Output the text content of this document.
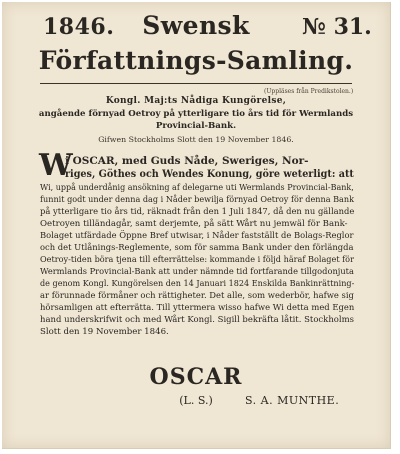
1846.	Swensk	№ 31.
Författnings-Samling.
(Uppläses från Predikstolen.)
Kongl. Maj:ts Nådiga Kungörelse,
angående förnyad Oetroy på ytterligare tio års tid för Wermlands
Provincial-Bank.
Gifwen Stockholms Slott den 19 November 1846.
W
i OSCAR, med Guds Nåde, Sweriges, Nor-
riges, Göthes och Wendes Konung, göre weterligt: att
Wi, uppå underdånig ansökning af delegarne uti Wermlands Provincial-Bank,
funnit godt under denna dag i Nåder bewilja förnyad Oetroy för denna Bank
på ytterligare tio års tid, räknadt från den 1 Juli 1847, då den nu gällande
Oetroyen tilländagår, samt derjemte, på sätt Wårt nu jemwäl för Bank-
Bolaget utfärdade Öppne Bref utwisar, i Nåder fastställt de Bolags-Reglor
och det Utlånings-Reglemente, som för samma Bank under den förlängda
Oetroy-tiden böra tjena till efterrättelse: kommande i följd häraf Bolaget för
Wermlands Provincial-Bank att under nämnde tid fortfarande tillgodonjuta
de genom Kongl. Kungörelsen den 14 Januari 1824 Enskilda Bankinrättning-
ar förunnade förmåner och rättigheter. Det alle, som wederbör, hafwe sig
hörsamligen att efterrätta. Till yttermera wisso hafwe Wi detta med Egen
hand underskrifwit och med Wårt Kongl. Sigill bekräfta låtit. Stockholms
Slott den 19 November 1846.
OSCAR
(L. S.)	S. A. MUNTHE.
